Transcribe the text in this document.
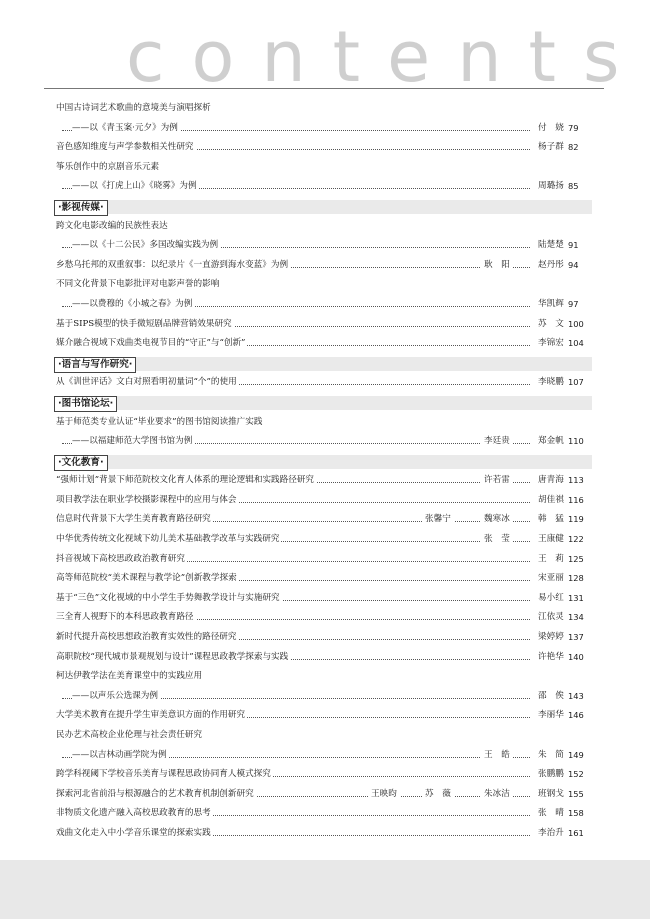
contents
中国古诗词艺术歌曲的意境美与演唱探析
——以《青玉案·元夕》为例	付　娆 79
音色感知维度与声学参数相关性研究	杨子群 82
筝乐创作中的京剧音乐元素
——以《打虎上山》《晓雾》为例	周璐扬 85
·影视传媒·
跨文化电影改编的民族性表达
——以《十二公民》多国改编实践为例	陆楚楚 91
乡愁乌托邦的双重叙事：以纪录片《一直游到海水变蓝》为例	耿　阳	赵丹彤 94
不同文化背景下电影批评对电影声誉的影响
——以费穆的《小城之春》为例	华凯辉 97
基于SIPS模型的快手微短剧品牌营销效果研究	苏　文 100
媒介融合视域下戏曲类电视节目的“守正”与“创新”	李锦宏 104
·语言与写作研究·
从《训世评话》文白对照看明初量词“个”的使用	李晓鹏 107
·图书馆论坛·
基于师范类专业认证“毕业要求”的图书馆阅读推广实践
——以福建师范大学图书馆为例	李廷贵	郑金帆 110
·文化教育·
“强师计划”背景下师范院校文化育人体系的理论逻辑和实践路径研究	许若雷	唐青海 113
项目教学法在职业学校摄影课程中的应用与体会	胡佳祺 116
信息时代背景下大学生美育教育路径研究	张馨宁	魏寒冰	韩　猛 119
中华优秀传统文化视域下幼儿美术基础教学改革与实践研究	张　莹	王康健 122
抖音视域下高校思政政治教育研究	王　莉 125
高等师范院校“美术课程与教学论”创新教学探索	宋亚丽 128
基于“三色”文化视域的中小学生手势舞教学设计与实施研究	易小红 131
三全育人视野下的本科思政教育路径	江依灵 134
新时代提升高校思想政治教育实效性的路径研究	梁婷婷 137
高职院校“现代城市景观规划与设计”课程思政教学探索与实践	许艳华 140
柯达伊教学法在美育课堂中的实践应用
——以声乐公选课为例	邵　俟 143
大学美术教育在提升学生审美意识方面的作用研究	李丽华 146
民办艺术高校企业伦理与社会责任研究
——以吉林动画学院为例	王　皓	朱　简 149
跨学科视阈下学校音乐美育与课程思政协同育人模式探究	张鹏鹏 152
探索河北省前沿与根源融合的艺术教育机制创新研究	王映昀	苏　薇	朱冰洁	班钢戈 155
非物质文化遗产融入高校思政教育的思考	张　晴 158
戏曲文化走入中小学音乐课堂的探索实践	李治升 161
